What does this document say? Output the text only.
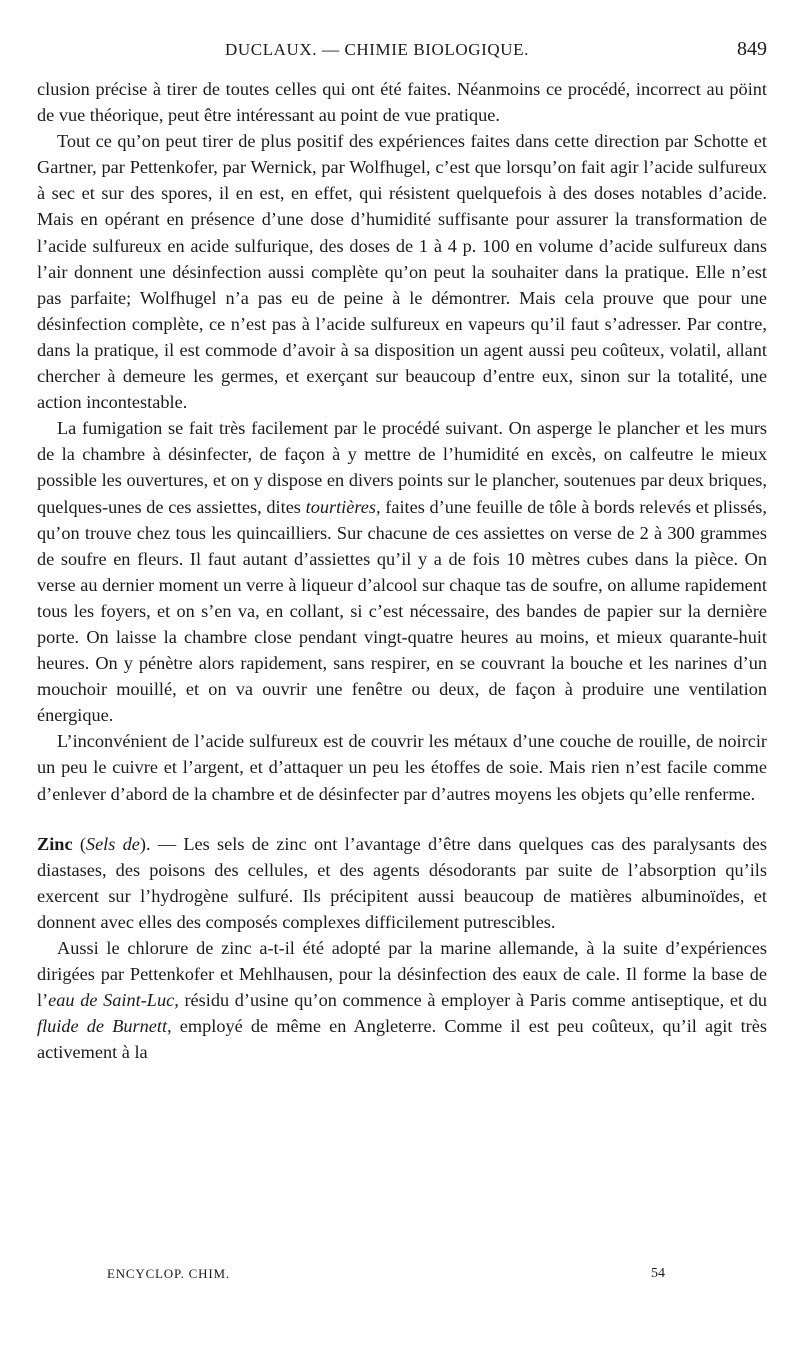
DUCLAUX. — CHIMIE BIOLOGIQUE.	849

clusion précise à tirer de toutes celles qui ont été faites. Néanmoins ce procédé, incorrect au pöint de vue théorique, peut être intéressant au point de vue pratique.

Tout ce qu’on peut tirer de plus positif des expériences faites dans cette direction par Schotte et Gartner, par Pettenkofer, par Wernick, par Wolfhugel, c’est que lorsqu’on fait agir l’acide sulfureux à sec et sur des spores, il en est, en effet, qui résistent quelquefois à des doses notables d’acide. Mais en opérant en présence d’une dose d’humidité suffisante pour assurer la transformation de l’acide sulfureux en acide sulfurique, des doses de 1 à 4 p. 100 en volume d’acide sulfureux dans l’air donnent une désinfection aussi complète qu’on peut la souhaiter dans la pratique. Elle n’est pas parfaite; Wolfhugel n’a pas eu de peine à le démontrer. Mais cela prouve que pour une désinfection complète, ce n’est pas à l’acide sulfureux en vapeurs qu’il faut s’adresser. Par contre, dans la pratique, il est commode d’avoir à sa disposition un agent aussi peu coûteux, volatil, allant chercher à demeure les germes, et exerçant sur beaucoup d’entre eux, sinon sur la totalité, une action incontestable.

La fumigation se fait très facilement par le procédé suivant. On asperge le plancher et les murs de la chambre à désinfecter, de façon à y mettre de l’humidité en excès, on calfeutre le mieux possible les ouvertures, et on y dispose en divers points sur le plancher, soutenues par deux briques, quelques-unes de ces assiettes, dites tourtières, faites d’une feuille de tôle à bords relevés et plissés, qu’on trouve chez tous les quincailliers. Sur chacune de ces assiettes on verse de 2 à 300 grammes de soufre en fleurs. Il faut autant d’assiettes qu’il y a de fois 10 mètres cubes dans la pièce. On verse au dernier moment un verre à liqueur d’alcool sur chaque tas de soufre, on allume rapidement tous les foyers, et on s’en va, en collant, si c’est nécessaire, des bandes de papier sur la dernière porte. On laisse la chambre close pendant vingt-quatre heures au moins, et mieux quarante-huit heures. On y pénètre alors rapidement, sans respirer, en se couvrant la bouche et les narines d’un mouchoir mouillé, et on va ouvrir une fenêtre ou deux, de façon à produire une ventilation énergique.

L’inconvénient de l’acide sulfureux est de couvrir les métaux d’une couche de rouille, de noircir un peu le cuivre et l’argent, et d’attaquer un peu les étoffes de soie. Mais rien n’est facile comme d’enlever d’abord de la chambre et de désinfecter par d’autres moyens les objets qu’elle renferme.

Zinc (Sels de). — Les sels de zinc ont l’avantage d’être dans quelques cas des paralysants des diastases, des poisons des cellules, et des agents désodorants par suite de l’absorption qu’ils exercent sur l’hydrogène sulfuré. Ils précipitent aussi beaucoup de matières albuminoïdes, et donnent avec elles des composés complexes difficilement putrescibles.

Aussi le chlorure de zinc a-t-il été adopté par la marine allemande, à la suite d’expériences dirigées par Pettenkofer et Mehlhausen, pour la désinfection des eaux de cale. Il forme la base de l’eau de Saint-Luc, résidu d’usine qu’on commence à employer à Paris comme antiseptique, et du fluide de Burnett, employé de même en Angleterre. Comme il est peu coûteux, qu’il agit très activement à la

ENCYCLOP. CHIM.	54
